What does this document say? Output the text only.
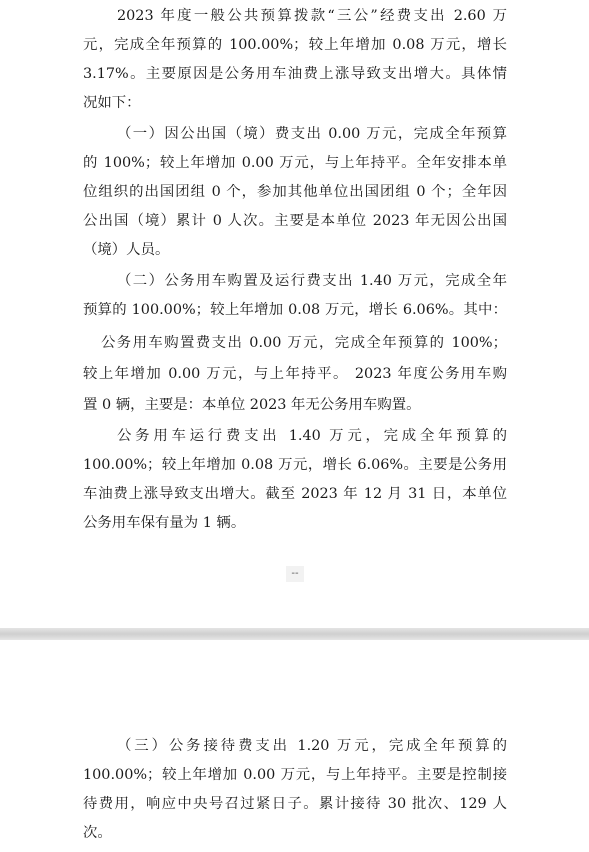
2023 年度一般公共预算拨款“三公”经费支出 2.60 万
元，完成全年预算的 100.00%；较上年增加 0.08 万元，增长
3.17%。主要原因是公务用车油费上涨导致支出增大。具体情
况如下：
（一）因公出国（境）费支出 0.00 万元，完成全年预算
的 100%；较上年增加 0.00 万元，与上年持平。全年安排本单
位组织的出国团组 0 个，参加其他单位出国团组 0 个；全年因
公出国（境）累计 0 人次。主要是本单位 2023 年无因公出国
（境）人员。
（二）公务用车购置及运行费支出 1.40 万元，完成全年
预算的 100.00%；较上年增加 0.08 万元，增长 6.06%。其中：
公务用车购置费支出 0.00 万元，完成全年预算的 100%；
较上年增加 0.00 万元，与上年持平。 2023 年度公务用车购
置 0 辆，主要是：本单位 2023 年无公务用车购置。
公务用车运行费支出 1.40 万元，完成全年预算的
100.00%；较上年增加 0.08 万元，增长 6.06%。主要是公务用
车油费上涨导致支出增大。截至 2023 年 12 月 31 日，本单位
公务用车保有量为 1 辆。
--
（三）公务接待费支出 1.20 万元，完成全年预算的
100.00%；较上年增加 0.00 万元，与上年持平。主要是控制接
待费用，响应中央号召过紧日子。累计接待 30 批次、129 人
次。
